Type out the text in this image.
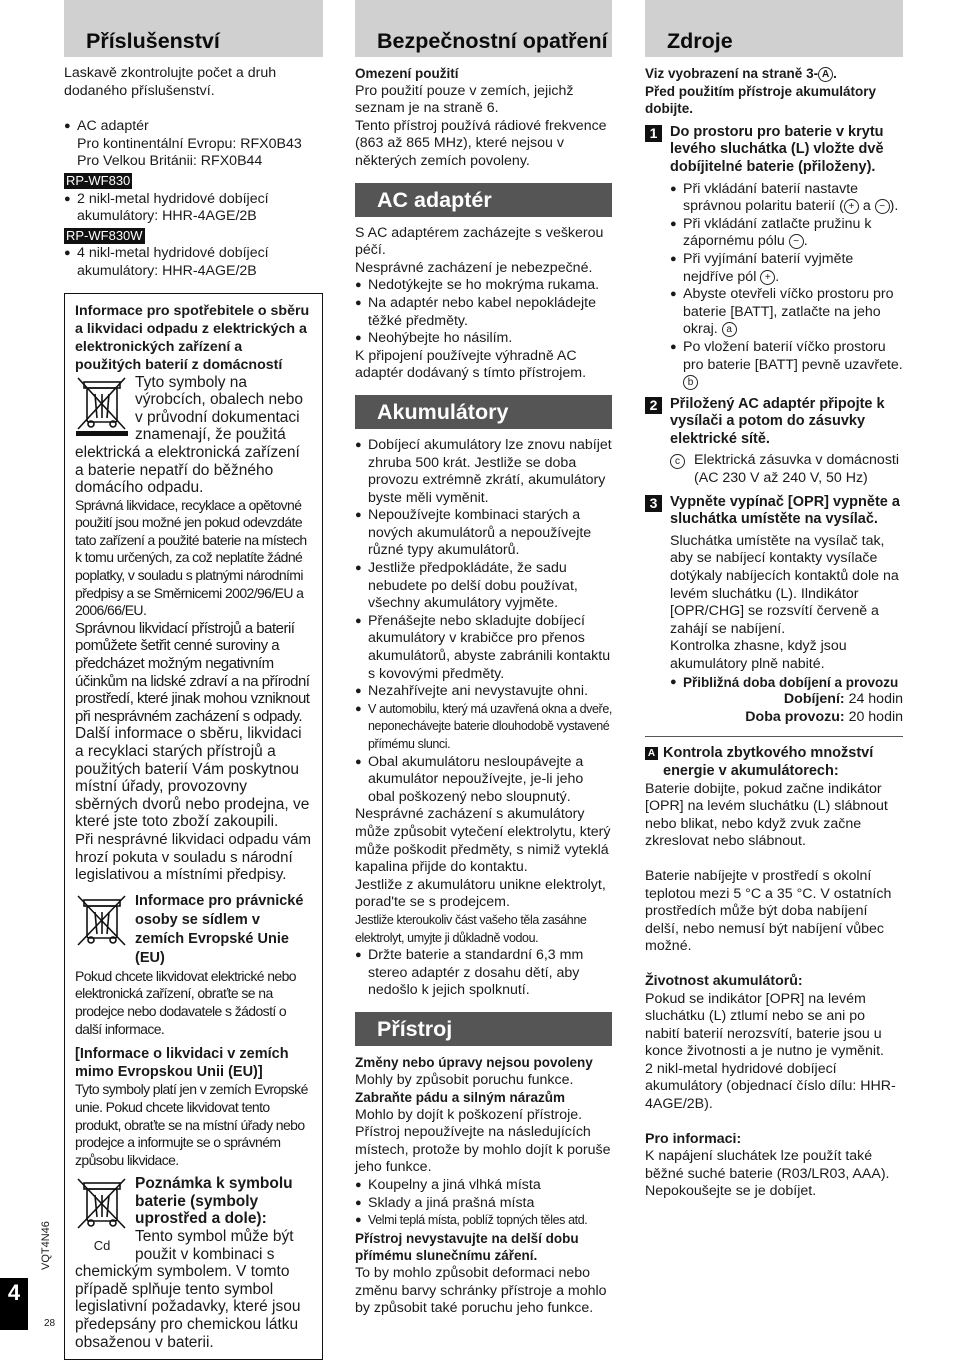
Příslušenství

Laskavě zkontrolujte počet a druh dodaného příslušenství.

● AC adaptér
Pro kontinentální Evropu: RFX0B43
Pro Velkou Británii: RFX0B44
RP-WF830
● 2 nikl-metal hydridové dobíjecí akumulátory: HHR-4AGE/2B
RP-WF830W
● 4 nikl-metal hydridové dobíjecí akumulátory: HHR-4AGE/2B

Informace pro spotřebitele o sběru a likvidaci odpadu z elektrických a elektronických zařízení a použitých baterií z domácností

Tyto symboly na výrobcích, obalech nebo v průvodní dokumentaci znamenají, že použitá elektrická a elektronická zařízení a baterie nepatří do běžného domácího odpadu.

Správná likvidace, recyklace a opětovné použití jsou možné jen pokud odevzdáte tato zařízení a použité baterie na místech k tomu určených, za což neplatíte žádné poplatky, v souladu s platnými národními předpisy a se Směrnicemi 2002/96/EU a 2006/66/EU.

Správnou likvidací přístrojů a baterií pomůžete šetřit cenné suroviny a předcházet možným negativním účinkům na lidské zdraví a na přírodní prostředí, které jinak mohou vzniknout při nesprávném zacházení s odpady.

Další informace o sběru, likvidaci a recyklaci starých přístrojů a použitých baterií Vám poskytnou místní úřady, provozovny sběrných dvorů nebo prodejna, ve které jste toto zboží zakoupili.

Při nesprávné likvidaci odpadu vám hrozí pokuta v souladu s národní legislativou a místními předpisy.

Informace pro právnické osoby se sídlem v zemích Evropské Unie (EU)

Pokud chcete likvidovat elektrické nebo elektronická zařízení, obraťte se na prodejce nebo dodavatele s žádostí o další informace.

[Informace o likvidaci v zemích mimo Evropskou Unii (EU)]

Tyto symboly platí jen v zemích Evropské unie. Pokud chcete likvidovat tento produkt, obraťte se na místní úřady nebo prodejce a informujte se o správném způsobu likvidace.

Cd

Poznámka k symbolu baterie (symboly uprostřed a dole):

Tento symbol může být použit v kombinaci s chemickým symbolem. V tomto případě splňuje tento symbol legislativní požadavky, které jsou předepsány pro chemickou látku obsaženou v baterii.

Bezpečnostní opatření

Omezení použití

Pro použití pouze v zemích, jejichž seznam je na straně 6.

Tento přístroj používá rádiové frekvence (863 až 865 MHz), které nejsou v některých zemích povoleny.

AC adaptér

S AC adaptérem zacházejte s veškerou péčí.

Nesprávné zacházení je nebezpečné.

● Nedotýkejte se ho mokrýma rukama.
● Na adaptér nebo kabel nepokládejte těžké předměty.
● Neohýbejte ho násilím.

K připojení používejte výhradně AC adaptér dodávaný s tímto přístrojem.

Akumulátory
● Dobíjecí akumulátory lze znovu nabíjet zhruba 500 krát. Jestliže se doba provozu extrémně zkrátí, akumulátory byste měli vyměnit.
● Nepoužívejte kombinaci starých a nových akumulátorů a nepoužívejte různé typy akumulátorů.
● Jestliže předpokládáte, že sadu nebudete po delší dobu používat, všechny akumulátory vyjměte.
● Přenášejte nebo skladujte dobíjecí akumulátory v krabičce pro přenos akumulátorů, abyste zabránili kontaktu s kovovými předměty.
● Nezahřívejte ani nevystavujte ohni.
● V automobilu, který má uzavřená okna a dveře, neponechávejte baterie dlouhodobě vystavené přímému slunci.
● Obal akumulátoru nesloupávejte a akumulátor nepoužívejte, je-li jeho obal poškozený nebo sloupnutý.

Nesprávné zacházení s akumulátory může způsobit vytečení elektrolytu, který může poškodit předměty, s nimiž vyteklá kapalina přijde do kontaktu.

Jestliže z akumulátoru unikne elektrolyt, porad'te se s prodejcem.

Jestliže kteroukoliv část vašeho těla zasáhne elektrolyt, umyjte ji důkladně vodou.

● Držte baterie a standardní 6,3 mm stereo adaptér z dosahu dětí, aby nedošlo k jejich spolknutí.
Přístroj

Změny nebo úpravy nejsou povoleny

Mohly by způsobit poruchu funkce.

Zabraňte pádu a silným nárazům

Mohlo by dojít k poškození přístroje.

Přístroj nepoužívejte na následujících místech, protože by mohlo dojít k poruše jeho funkce.

● Koupelny a jiná vlhká místa
● Sklady a jiná prašná místa
● Velmi teplá místa, poblíž topných těles atd.

Přístroj nevystavujte na delší dobu přímému slunečnímu záření.

To by mohlo způsobit deformaci nebo změnu barvy schránky přístroje a mohlo by způsobit také poruchu jeho funkce.

Zdroje

Viz vyobrazení na straně 3- A .

Před použitím přístroje akumulátory dobijte.

1 Do prostoru pro baterie v krytu levého sluchátka (L) vložte dvě dobíjitelné baterie (přiloženy).

● Při vkládání baterií nastavte správnou polaritu baterií ( + a − ).
● Při vkládání zatlačte pružinu k zápornému pólu − .
● Při vyjímání baterií vyjměte nejdříve pól + .
● Abyste otevřeli víčko prostoru pro baterie [BATT], zatlačte na jeho okraj. a
● Po vložení baterií víčko prostoru pro baterie [BATT] pevně uzavřete. b
2 Přiložený AC adaptér připojte k vysílači a potom do zásuvky elektrické sítě.

c Elektrická zásuvka v domácnosti

(AC 230 V až 240 V, 50 Hz)

3 Vypněte vypínač [OPR] vypněte a sluchátka umístěte na vysílač.

Sluchátka umístěte na vysílač tak, aby se nabíjecí kontakty vysílače dotýkaly nabíjecích kontaktů dole na levém sluchátku (L). Ilndikátor [OPR/CHG] se rozsvítí červeně a zahájí se nabíjení.

Kontrolka zhasne, když jsou akumulátory plně nabité.

● Přibližná doba dobíjení a provozu

Dobíjení: 24 hodin

Doba provozu: 20 hodin

A Kontrola zbytkového množství energie v akumulátorech:

Baterie dobijte, pokud začne indikátor [OPR] na levém sluchátku (L) slábnout nebo blikat, nebo když zvuk začne zkreslovat nebo slábnout.

Baterie nabíjejte v prostředí s okolní teplotou mezi 5 °C a 35 °C. V ostatních prostředích může být doba nabíjení delší, nebo nemusí být nabíjení vůbec možné.

Životnost akumulátorů:

Pokud se indikátor [OPR] na levém sluchátku (L) ztlumí nebo se ani po nabití baterií nerozsvítí, baterie jsou u konce životnosti a je nutno je vyměnit.

2 nikl-metal hydridové dobíjecí akumulátory (objednací číslo dílu: HHR-4AGE/2B).

Pro informaci:

K napájení sluchátek lze použít také běžné suché baterie (R03/LR03, AAA). Nepokoušejte se je dobíjet.

VQT4N46
4
28
